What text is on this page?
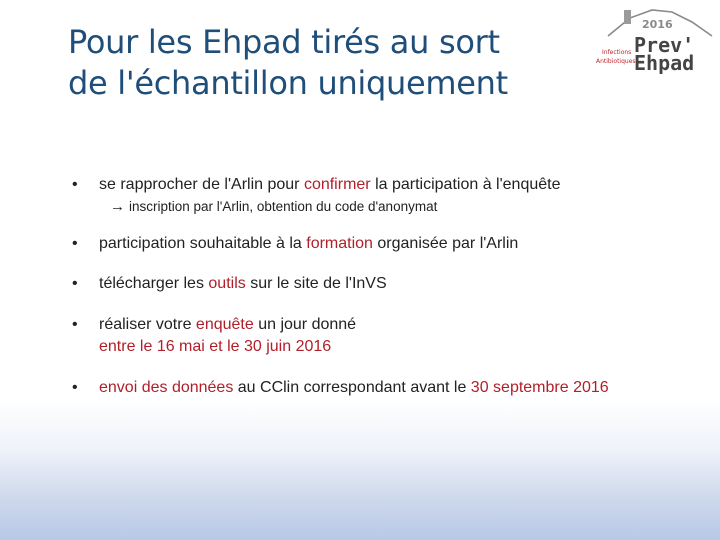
Pour les Ehpad tirés au sort
de l'échantillon uniquement
2016
Prev'
Ehpad
Infections
Antibiotiques
•	se rapprocher de l'Arlin pour confirmer la participation à l'enquête
→ inscription par l'Arlin, obtention du code d'anonymat
•	participation souhaitable à la formation organisée par l'Arlin
•	télécharger les outils sur le site de l'InVS
•	réaliser votre enquête un jour donné
entre le 16 mai et le 30 juin 2016
•	envoi des données au CClin correspondant avant le 30 septembre 2016
